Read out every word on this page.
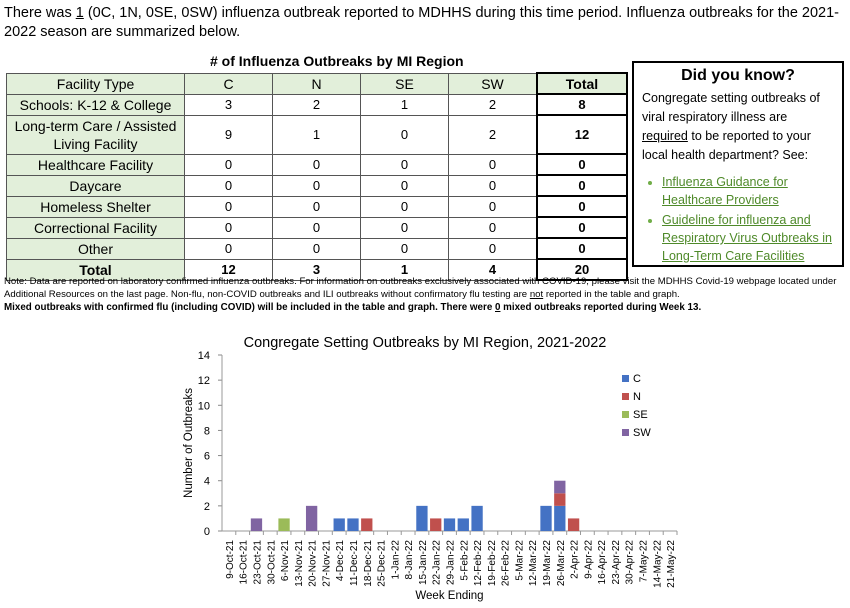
There was 1 (0C, 1N, 0SE, 0SW) influenza outbreak reported to MDHHS during this time period. Influenza outbreaks for the 2021-2022 season are summarized below.
# of Influenza Outbreaks by MI Region
Facility Type	C	N	SE	SW	Total
Schools: K-12 & College	3	2	1	2	8
Long-term Care / Assisted Living Facility	9	1	0	2	12
Healthcare Facility	0	0	0	0	0
Daycare	0	0	0	0	0
Homeless Shelter	0	0	0	0	0
Correctional Facility	0	0	0	0	0
Other	0	0	0	0	0
Total	12	3	1	4	20
Did you know?

Congregate setting outbreaks of viral respiratory illness are required to be reported to your local health department? See:

• Influenza Guidance for Healthcare Providers
• Guideline for influenza and Respiratory Virus Outbreaks in Long-Term Care Facilities
Note: Data are reported on laboratory confirmed influenza outbreaks. For information on outbreaks exclusively associated with COVID-19, please visit the MDHHS Covid-19 webpage located under Additional Resources on the last page. Non-flu, non-COVID outbreaks and ILI outbreaks without confirmatory flu testing are not reported in the table and graph.
Mixed outbreaks with confirmed flu (including COVID) will be included in the table and graph. There were 0 mixed outbreaks reported during Week 13.
Congregate Setting Outbreaks by MI Region, 2021-2022
0
2
4
6
8
10
12
14
Number of Outbreaks
9-Oct-21 16-Oct-21 23-Oct-21 30-Oct-21 6-Nov-21 13-Nov-21 20-Nov-21 27-Nov-21 4-Dec-21 11-Dec-21 18-Dec-21 25-Dec-21 1-Jan-22 8-Jan-22 15-Jan-22 22-Jan-22 29-Jan-22 5-Feb-22 12-Feb-22 19-Feb-22 26-Feb-22 5-Mar-22 12-Mar-22 19-Mar-22 26-Mar-22 2-Apr-22 9-Apr-22 16-Apr-22 23-Apr-22 30-Apr-22 7-May-22 14-May-22 21-May-22
Week Ending
C
N
SE
SW
